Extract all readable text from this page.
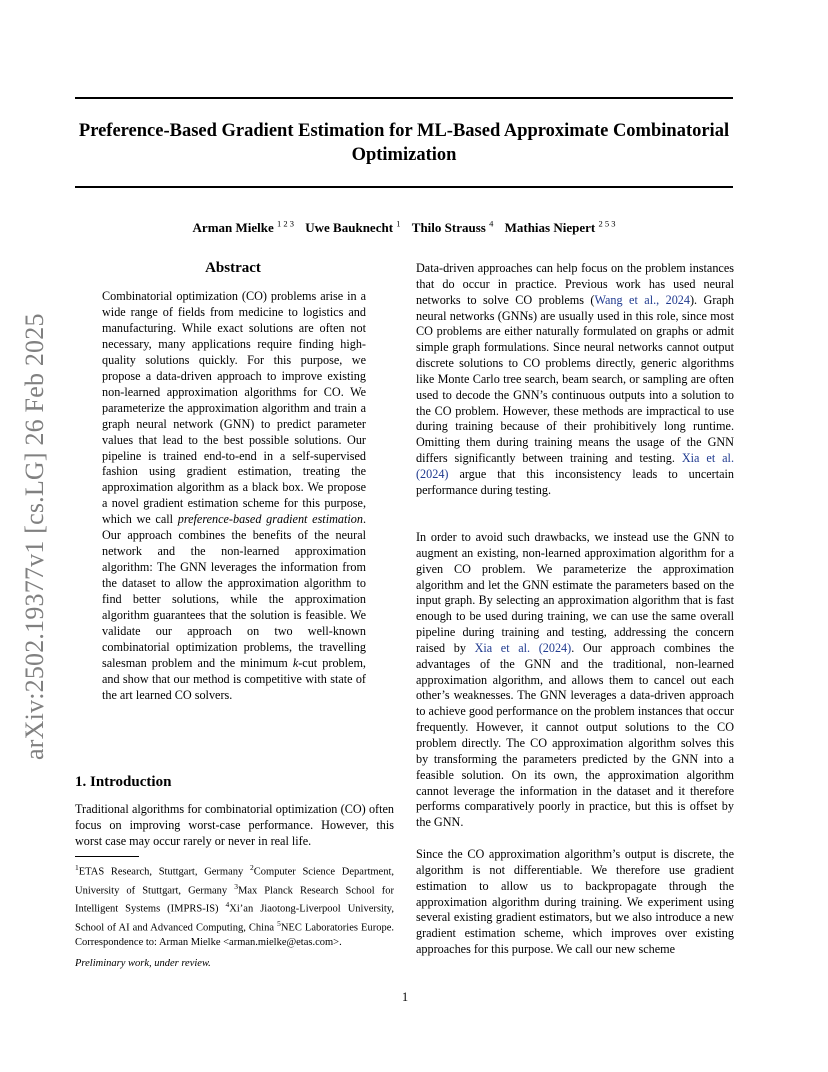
Preference-Based Gradient Estimation for ML-Based Approximate Combinatorial Optimization
Arman Mielke $^{1 2 3}$ Uwe Bauknecht $^1$ Thilo Strauss $^4$ Mathias Niepert $^{2 5 3}$
arXiv:2502.19377v1 [cs.LG] 26 Feb 2025
Abstract

Combinatorial optimization (CO) problems arise in a wide range of fields from medicine to logistics and manufacturing. While exact solutions are often not necessary, many applications require finding high-quality solutions quickly. For this purpose, we propose a data-driven approach to improve existing non-learned approximation algorithms for CO. We parameterize the approximation algorithm and train a graph neural network (GNN) to predict parameter values that lead to the best possible solutions. Our pipeline is trained end-to-end in a self-supervised fashion using gradient estimation, treating the approximation algorithm as a black box. We propose a novel gradient estimation scheme for this purpose, which we call preference-based gradient estimation. Our approach combines the benefits of the neural network and the non-learned approximation algorithm: The GNN leverages the information from the dataset to allow the approximation algorithm to find better solutions, while the approximation algorithm guarantees that the solution is feasible. We validate our approach on two well-known combinatorial optimization problems, the travelling salesman problem and the minimum k-cut problem, and show that our method is competitive with state of the art learned CO solvers.

1. Introduction

Traditional algorithms for combinatorial optimization (CO) often focus on improving worst-case performance. However, this worst case may occur rarely or never in real life.

$^1$ETAS Research, Stuttgart, Germany $^2$Computer Science Department, University of Stuttgart, Germany $^3$Max Planck Research School for Intelligent Systems (IMPRS-IS) $^4$Xi’an Jiaotong-Liverpool University, School of AI and Advanced Computing, China $^5$NEC Laboratories Europe. Correspondence to: Arman Mielke <arman.mielke@etas.com>.

Preliminary work, under review.

Data-driven approaches can help focus on the problem instances that do occur in practice. Previous work has used neural networks to solve CO problems (Wang et al., 2024). Graph neural networks (GNNs) are usually used in this role, since most CO problems are either naturally formulated on graphs or admit simple graph formulations. Since neural networks cannot output discrete solutions to CO problems directly, generic algorithms like Monte Carlo tree search, beam search, or sampling are often used to decode the GNN’s continuous outputs into a solution to the CO problem. However, these methods are impractical to use during training because of their prohibitively long runtime. Omitting them during training means the usage of the GNN differs significantly between training and testing. Xia et al. (2024) argue that this inconsistency leads to uncertain performance during testing.

In order to avoid such drawbacks, we instead use the GNN to augment an existing, non-learned approximation algorithm for a given CO problem. We parameterize the approximation algorithm and let the GNN estimate the parameters based on the input graph. By selecting an approximation algorithm that is fast enough to be used during training, we can use the same overall pipeline during training and testing, addressing the concern raised by Xia et al. (2024). Our approach combines the advantages of the GNN and the traditional, non-learned approximation algorithm, and allows them to cancel out each other’s weaknesses. The GNN leverages a data-driven approach to achieve good performance on the problem instances that occur frequently. However, it cannot output solutions to the CO problem directly. The CO approximation algorithm solves this by transforming the parameters predicted by the GNN into a feasible solution. On its own, the approximation algorithm cannot leverage the information in the dataset and it therefore performs comparatively poorly in practice, but this is offset by the GNN.

Since the CO approximation algorithm’s output is discrete, the algorithm is not differentiable. We therefore use gradient estimation to allow us to backpropagate through the approximation algorithm during training. We experiment using several existing gradient estimators, but we also introduce a new gradient estimation scheme, which improves over existing approaches for this purpose. We call our new scheme

1
